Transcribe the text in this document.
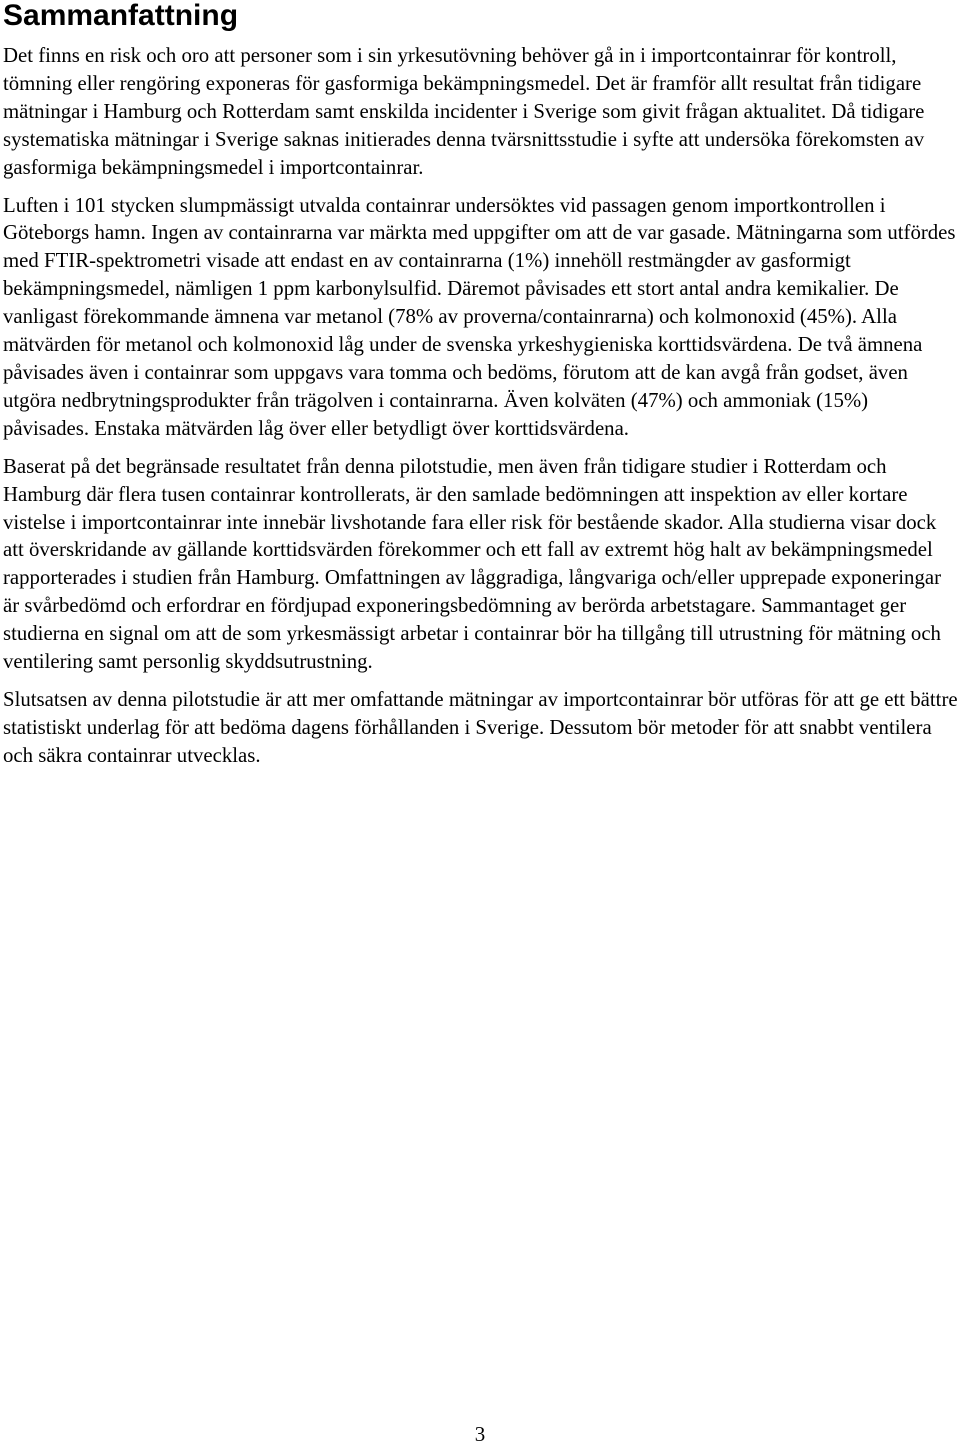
Sammanfattning

Det finns en risk och oro att personer som i sin yrkesutövning behöver gå in i importcontainrar för kontroll, tömning eller rengöring exponeras för gasformiga bekämpningsmedel. Det är framför allt resultat från tidigare mätningar i Hamburg och Rotterdam samt enskilda incidenter i Sverige som givit frågan aktualitet. Då tidigare systematiska mätningar i Sverige saknas initierades denna tvärsnittsstudie i syfte att undersöka förekomsten av gasformiga bekämpningsmedel i importcontainrar.

Luften i 101 stycken slumpmässigt utvalda containrar undersöktes vid passagen genom importkontrollen i Göteborgs hamn. Ingen av containrarna var märkta med uppgifter om att de var gasade. Mätningarna som utfördes med FTIR-spektrometri visade att endast en av containrarna (1%) innehöll restmängder av gasformigt bekämpningsmedel, nämligen 1 ppm karbonylsulfid. Däremot påvisades ett stort antal andra kemikalier. De vanligast förekommande ämnena var metanol (78% av proverna/containrarna) och kolmonoxid (45%). Alla mätvärden för metanol och kolmonoxid låg under de svenska yrkeshygieniska korttidsvärdena. De två ämnena påvisades även i containrar som uppgavs vara tomma och bedöms, förutom att de kan avgå från godset, även utgöra nedbrytningsprodukter från trägolven i containrarna. Även kolväten (47%) och ammoniak (15%) påvisades. Enstaka mätvärden låg över eller betydligt över korttidsvärdena.

Baserat på det begränsade resultatet från denna pilotstudie, men även från tidigare studier i Rotterdam och Hamburg där flera tusen containrar kontrollerats, är den samlade bedömningen att inspektion av eller kortare vistelse i importcontainrar inte innebär livshotande fara eller risk för bestående skador. Alla studierna visar dock att överskridande av gällande korttidsvärden förekommer och ett fall av extremt hög halt av bekämpningsmedel rapporterades i studien från Hamburg. Omfattningen av låggradiga, långvariga och/eller upprepade exponeringar är svårbedömd och erfordrar en fördjupad exponeringsbedömning av berörda arbetstagare. Sammantaget ger studierna en signal om att de som yrkesmässigt arbetar i containrar bör ha tillgång till utrustning för mätning och ventilering samt personlig skyddsutrustning.

Slutsatsen av denna pilotstudie är att mer omfattande mätningar av importcontainrar bör utföras för att ge ett bättre statistiskt underlag för att bedöma dagens förhållanden i Sverige. Dessutom bör metoder för att snabbt ventilera och säkra containrar utvecklas.

3
